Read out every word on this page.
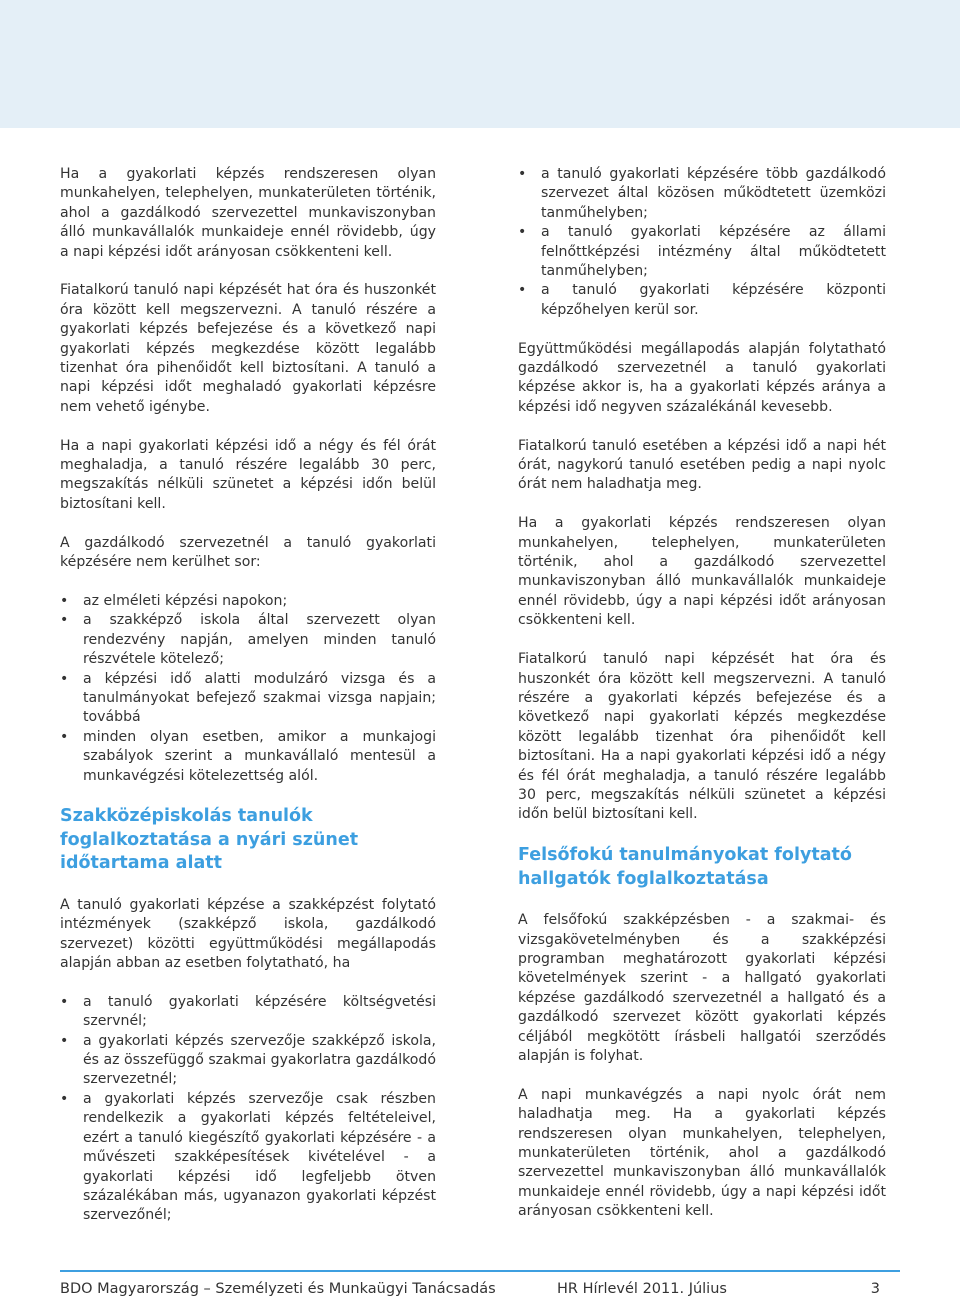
Ha a gyakorlati képzés rendszeresen olyan munkahelyen, telephelyen, munkaterületen történik, ahol a gazdálkodó szervezettel munkaviszonyban álló munkavállalók munkaideje ennél rövidebb, úgy a napi képzési időt arányosan csökkenteni kell.

Fiatalkorú tanuló napi képzését hat óra és huszonkét óra között kell megszervezni. A tanuló részére a gyakorlati képzés befejezése és a következő napi gyakorlati képzés megkezdése között legalább tizenhat óra pihenőidőt kell biztosítani. A tanuló a napi képzési időt meghaladó gyakorlati képzésre nem vehető igénybe.

Ha a napi gyakorlati képzési idő a négy és fél órát meghaladja, a tanuló részére legalább 30 perc, megszakítás nélküli szünetet a képzési időn belül biztosítani kell.

A gazdálkodó szervezetnél a tanuló gyakorlati képzésére nem kerülhet sor:

• az elméleti képzési napokon;
• a szakképző iskola által szervezett olyan rendezvény napján, amelyen minden tanuló részvétele kötelező;
• a képzési idő alatti modulzáró vizsga és a tanulmányokat befejező szakmai vizsga napjain; továbbá
• minden olyan esetben, amikor a munkajogi szabályok szerint a munkavállaló mentesül a munkavégzési kötelezettség alól.
Szakközépiskolás tanulók foglalkoztatása a nyári szünet időtartama alatt

A tanuló gyakorlati képzése a szakképzést folytató intézmények (szakképző iskola, gazdálkodó szervezet) közötti együttműködési megállapodás alapján abban az esetben folytatható, ha

• a tanuló gyakorlati képzésére költségvetési szervnél;
• a gyakorlati képzés szervezője szakképző iskola, és az összefüggő szakmai gyakorlatra gazdálkodó szervezetnél;
• a gyakorlati képzés szervezője csak részben rendelkezik a gyakorlati képzés feltételeivel, ezért a tanuló kiegészítő gyakorlati képzésére - a művészeti szakképesítések kivételével - a gyakorlati képzési idő legfeljebb ötven százalékában más, ugyanazon gyakorlati képzést szervezőnél;
• a tanuló gyakorlati képzésére több gazdálkodó szervezet által közösen működtetett üzemközi tanműhelyben;
• a tanuló gyakorlati képzésére az állami felnőttképzési intézmény által működtetett tanműhelyben;
• a tanuló gyakorlati képzésére központi képzőhelyen kerül sor.

Együttműködési megállapodás alapján folytatható gazdálkodó szervezetnél a tanuló gyakorlati képzése akkor is, ha a gyakorlati képzés aránya a képzési idő negyven százalékánál kevesebb.

Fiatalkorú tanuló esetében a képzési idő a napi hét órát, nagykorú tanuló esetében pedig a napi nyolc órát nem haladhatja meg.

Ha a gyakorlati képzés rendszeresen olyan munkahelyen, telephelyen, munkaterületen történik, ahol a gazdálkodó szervezettel munkaviszonyban álló munkavállalók munkaideje ennél rövidebb, úgy a napi képzési időt arányosan csökkenteni kell.

Fiatalkorú tanuló napi képzését hat óra és huszonkét óra között kell megszervezni. A tanuló részére a gyakorlati képzés befejezése és a következő napi gyakorlati képzés megkezdése között legalább tizenhat óra pihenőidőt kell biztosítani. Ha a napi gyakorlati képzési idő a négy és fél órát meghaladja, a tanuló részére legalább 30 perc, megszakítás nélküli szünetet a képzési időn belül biztosítani kell.

Felsőfokú tanulmányokat folytató hallgatók foglalkoztatása

A felsőfokú szakképzésben - a szakmai- és vizsgakövetelményben és a szakképzési programban meghatározott gyakorlati képzési követelmények szerint - a hallgató gyakorlati képzése gazdálkodó szervezetnél a hallgató és a gazdálkodó szervezet között gyakorlati képzés céljából megkötött írásbeli hallgatói szerződés alapján is folyhat.

A napi munkavégzés a napi nyolc órát nem haladhatja meg. Ha a gyakorlati képzés rendszeresen olyan munkahelyen, telephelyen, munkaterületen történik, ahol a gazdálkodó szervezettel munkaviszonyban álló munkavállalók munkaideje ennél rövidebb, úgy a napi képzési időt arányosan csökkenteni kell.

BDO Magyarország – Személyzeti és Munkaügyi Tanácsadás	HR Hírlevél 2011. Július	3
